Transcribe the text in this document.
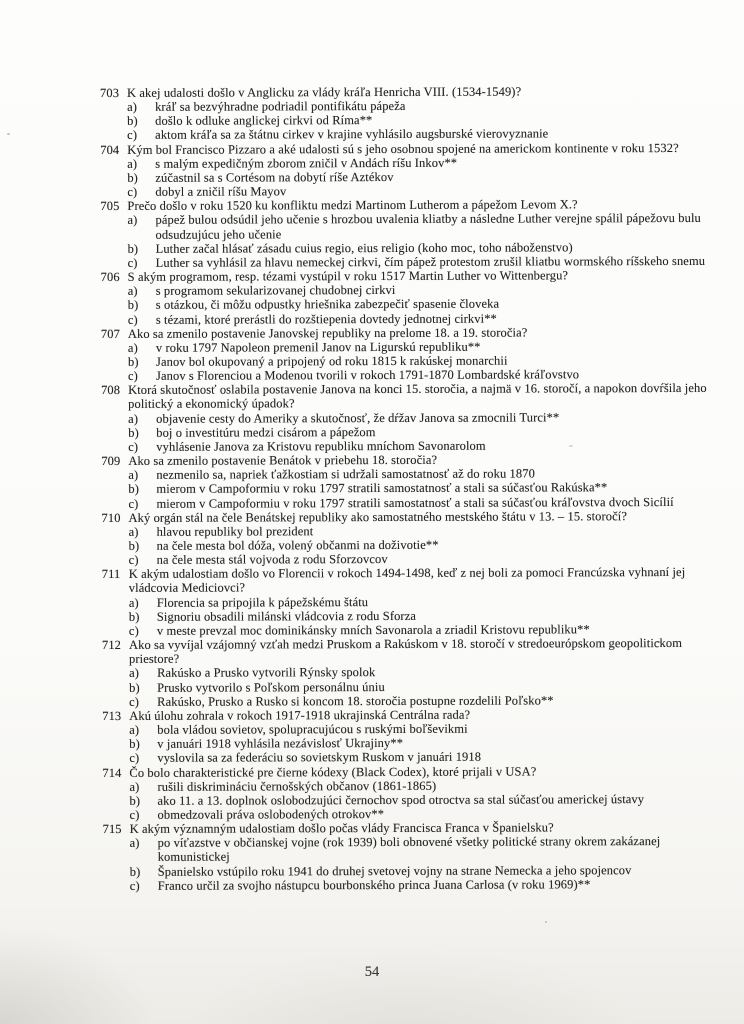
703 K akej udalosti došlo v Anglicku za vlády kráľa Henricha VIII. (1534-1549)?
a) kráľ sa bezvýhradne podriadil pontifikátu pápeža
b) došlo k odluke anglickej cirkvi od Ríma**
c) aktom kráľa sa za štátnu cirkev v krajine vyhlásilo augsburské vierovyznanie
704 Kým bol Francisco Pizzaro a aké udalosti sú s jeho osobnou spojené na americkom kontinente v roku 1532?
a) s malým expedičným zborom zničil v Andách ríšu Inkov**
b) zúčastnil sa s Cortésom na dobytí ríše Aztékov
c) dobyl a zničil ríšu Mayov
705 Prečo došlo v roku 1520 ku konfliktu medzi Martinom Lutherom a pápežom Levom X.?
a) pápež bulou odsúdil jeho učenie s hrozbou uvalenia kliatby a následne Luther verejne spálil pápežovu bulu odsudzujúcu jeho učenie
b) Luther začal hlásať zásadu cuius regio, eius religio (koho moc, toho náboženstvo)
c) Luther sa vyhlásil za hlavu nemeckej cirkvi, čím pápež protestom zrušil kliatbu wormského ríšskeho snemu
706 S akým programom, resp. tézami vystúpil v roku 1517 Martin Luther vo Wittenbergu?
a) s programom sekularizovanej chudobnej cirkvi
b) s otázkou, či môžu odpustky hriešnika zabezpečiť spasenie človeka
c) s tézami, ktoré prerástli do rozštiepenia dovtedy jednotnej cirkvi**
707 Ako sa zmenilo postavenie Janovskej republiky na prelome 18. a 19. storočia?
a) v roku 1797 Napoleon premenil Janov na Ligurskú republiku**
b) Janov bol okupovaný a pripojený od roku 1815 k rakúskej monarchii
c) Janov s Florenciou a Modenou tvorili v rokoch 1791-1870 Lombardské kráľovstvo
708 Ktorá skutočnosť oslabila postavenie Janova na konci 15. storočia, a najmä v 16. storočí, a napokon dovŕšila jeho politický a ekonomický úpadok?
a) objavenie cesty do Ameriky a skutočnosť, že dŕžav Janova sa zmocnili Turci**
b) boj o investitúru medzi cisárom a pápežom
c) vyhlásenie Janova za Kristovu republiku mníchom Savonarolom
709 Ako sa zmenilo postavenie Benátok v priebehu 18. storočia?
a) nezmenilo sa, napriek ťažkostiam si udržali samostatnosť až do roku 1870
b) mierom v Campoformiu v roku 1797 stratili samostatnosť a stali sa súčasťou Rakúska**
c) mierom v Campoformiu v roku 1797 stratili samostatnosť a stali sa súčasťou kráľovstva dvoch Sicílií
710 Aký orgán stál na čele Benátskej republiky ako samostatného mestského štátu v 13. – 15. storočí?
a) hlavou republiky bol prezident
b) na čele mesta bol dóža, volený občanmi na doživotie**
c) na čele mesta stál vojvoda z rodu Sforzovcov
711 K akým udalostiam došlo vo Florencii v rokoch 1494-1498, keď z nej boli za pomoci Francúzska vyhnaní jej vládcovia Mediciovci?
a) Florencia sa pripojila k pápežskému štátu
b) Signoriu obsadili milánski vládcovia z rodu Sforza
c) v meste prevzal moc dominikánsky mních Savonarola a zriadil Kristovu republiku**
712 Ako sa vyvíjal vzájomný vzťah medzi Pruskom a Rakúskom v 18. storočí v stredoeurópskom geopolitickom priestore?
a) Rakúsko a Prusko vytvorili Rýnsky spolok
b) Prusko vytvorilo s Poľskom personálnu úniu
c) Rakúsko, Prusko a Rusko si koncom 18. storočia postupne rozdelili Poľsko**
713 Akú úlohu zohrala v rokoch 1917-1918 ukrajinská Centrálna rada?
a) bola vládou sovietov, spolupracujúcou s ruskými boľševikmi
b) v januári 1918 vyhlásila nezávislosť Ukrajiny**
c) vyslovila sa za federáciu so sovietskym Ruskom v januári 1918
714 Čo bolo charakteristické pre čierne kódexy (Black Codex), ktoré prijali v USA?
a) rušili diskrimináciu černošských občanov (1861-1865)
b) ako 11. a 13. doplnok oslobodzujúci černochov spod otroctva sa stal súčasťou americkej ústavy
c) obmedzovali práva oslobodených otrokov**
715 K akým významným udalostiam došlo počas vlády Francisca Franca v Španielsku?
a) po víťazstve v občianskej vojne (rok 1939) boli obnovené všetky politické strany okrem zakázanej komunistickej
b) Španielsko vstúpilo roku 1941 do druhej svetovej vojny na strane Nemecka a jeho spojencov
c) Franco určil za svojho nástupcu bourbonského princa Juana Carlosa (v roku 1969)**
54
